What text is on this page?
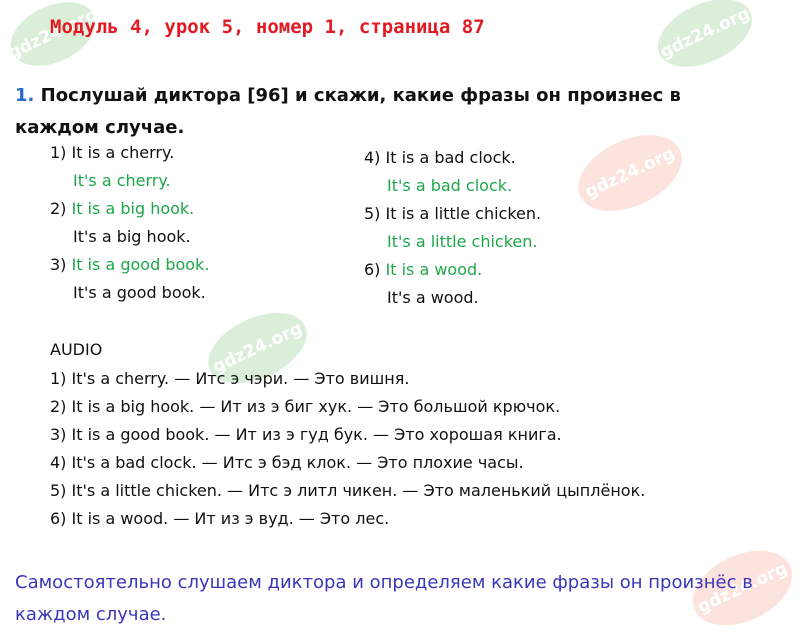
gdz24.org	gdz24.org
gdz24.org
gdz24.org
gdz24.org
Модуль 4, урок 5, номер 1, страница 87
1. Послушай диктора [96] и скажи, какие фразы он произнес в каждом случае.
1) It is a cherry.
It's a cherry.
2) It is a big hook.
It's a big hook.
3) It is a good book.
It's a good book.
4) It is a bad clock.
It's a bad clock.
5) It is a little chicken.
It's a little chicken.
6) It is a wood.
It's a wood.
AUDIO
1) It's a cherry. — Итс э чэри. — Это вишня.
2) It is a big hook. — Ит из э биг хук. — Это большой крючок.
3) It is a good book. — Ит из э гуд бук. — Это хорошая книга.
4) It's a bad clock. — Итс э бэд клок. — Это плохие часы.
5) It's a little chicken. — Итс э литл чикен. — Это маленький цыплёнок.
6) It is a wood. — Ит из э вуд. — Это лес.
Самостоятельно слушаем диктора и определяем какие фразы он произнёс в каждом случае.
